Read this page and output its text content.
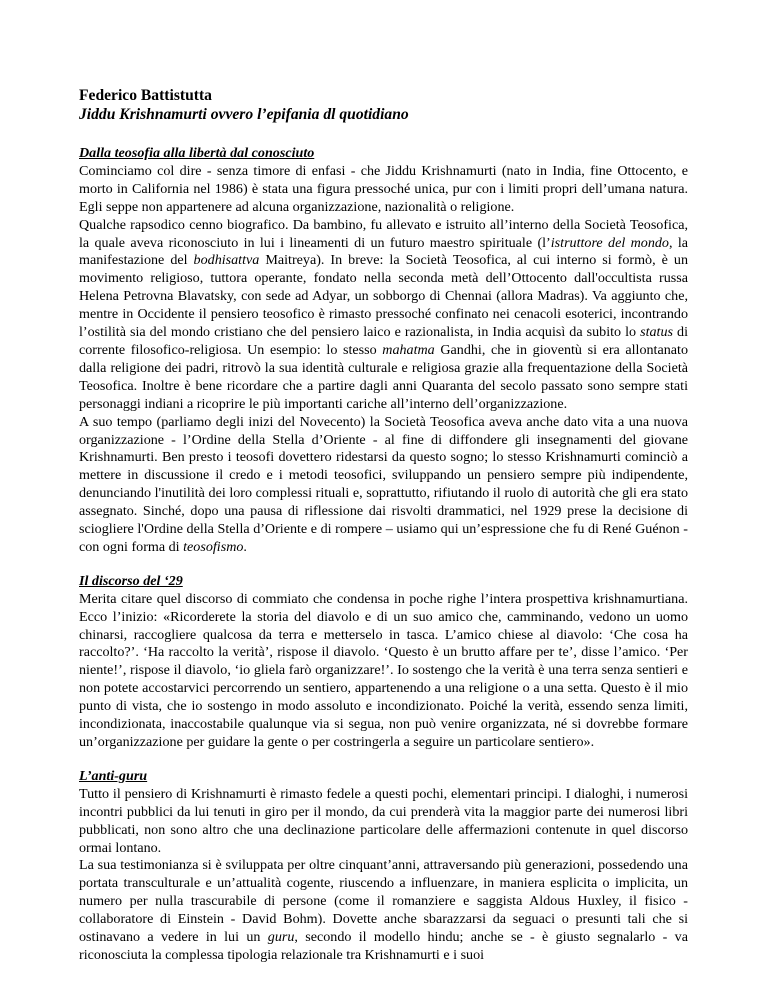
Federico Battistutta

Jiddu Krishnamurti ovvero l’epifania dl quotidiano

Dalla teosofia alla libertà dal conosciuto

Cominciamo col dire - senza timore di enfasi - che Jiddu Krishnamurti (nato in India, fine Ottocento, e morto in California nel 1986) è stata una figura pressoché unica, pur con i limiti propri dell’umana natura. Egli seppe non appartenere ad alcuna organizzazione, nazionalità o religione.

Qualche rapsodico cenno biografico. Da bambino, fu allevato e istruito all’interno della Società Teosofica, la quale aveva riconosciuto in lui i lineamenti di un futuro maestro spirituale (l’istruttore del mondo, la manifestazione del bodhisattva Maitreya). In breve: la Società Teosofica, al cui interno si formò, è un movimento religioso, tuttora operante, fondato nella seconda metà dell’Ottocento dall'occultista russa Helena Petrovna Blavatsky, con sede ad Adyar, un sobborgo di Chennai (allora Madras). Va aggiunto che, mentre in Occidente il pensiero teosofico è rimasto pressoché confinato nei cenacoli esoterici, incontrando l’ostilità sia del mondo cristiano che del pensiero laico e razionalista, in India acquisì da subito lo status di corrente filosofico-religiosa. Un esempio: lo stesso mahatma Gandhi, che in gioventù si era allontanato dalla religione dei padri, ritrovò la sua identità culturale e religiosa grazie alla frequentazione della Società Teosofica. Inoltre è bene ricordare che a partire dagli anni Quaranta del secolo passato sono sempre stati personaggi indiani a ricoprire le più importanti cariche all’interno dell’organizzazione.

A suo tempo (parliamo degli inizi del Novecento) la Società Teosofica aveva anche dato vita a una nuova organizzazione - l’Ordine della Stella d’Oriente - al fine di diffondere gli insegnamenti del giovane Krishnamurti. Ben presto i teosofi dovettero ridestarsi da questo sogno; lo stesso Krishnamurti cominciò a mettere in discussione il credo e i metodi teosofici, sviluppando un pensiero sempre più indipendente, denunciando l'inutilità dei loro complessi rituali e, soprattutto, rifiutando il ruolo di autorità che gli era stato assegnato. Sinché, dopo una pausa di riflessione dai risvolti drammatici, nel 1929 prese la decisione di sciogliere l'Ordine della Stella d’Oriente e di rompere – usiamo qui un’espressione che fu di René Guénon - con ogni forma di teosofismo.

Il discorso del ‘29

Merita citare quel discorso di commiato che condensa in poche righe l’intera prospettiva krishnamurtiana. Ecco l’inizio: «Ricorderete la storia del diavolo e di un suo amico che, camminando, vedono un uomo chinarsi, raccogliere qualcosa da terra e metterselo in tasca. L’amico chiese al diavolo: ‘Che cosa ha raccolto?’. ‘Ha raccolto la verità’, rispose il diavolo. ‘Questo è un brutto affare per te’, disse l’amico. ‘Per niente!’, rispose il diavolo, ‘io gliela farò organizzare!’. Io sostengo che la verità è una terra senza sentieri e non potete accostarvici percorrendo un sentiero, appartenendo a una religione o a una setta. Questo è il mio punto di vista, che io sostengo in modo assoluto e incondizionato. Poiché la verità, essendo senza limiti, incondizionata, inaccostabile qualunque via si segua, non può venire organizzata, né si dovrebbe formare un’organizzazione per guidare la gente o per costringerla a seguire un particolare sentiero».

L’anti-guru

Tutto il pensiero di Krishnamurti è rimasto fedele a questi pochi, elementari principi. I dialoghi, i numerosi incontri pubblici da lui tenuti in giro per il mondo, da cui prenderà vita la maggior parte dei numerosi libri pubblicati, non sono altro che una declinazione particolare delle affermazioni contenute in quel discorso ormai lontano.

La sua testimonianza si è sviluppata per oltre cinquant’anni, attraversando più generazioni, possedendo una portata transculturale e un’attualità cogente, riuscendo a influenzare, in maniera esplicita o implicita, un numero per nulla trascurabile di persone (come il romanziere e saggista Aldous Huxley, il fisico - collaboratore di Einstein - David Bohm). Dovette anche sbarazzarsi da seguaci o presunti tali che si ostinavano a vedere in lui un guru, secondo il modello hindu; anche se - è giusto segnalarlo - va riconosciuta la complessa tipologia relazionale tra Krishnamurti e i suoi
